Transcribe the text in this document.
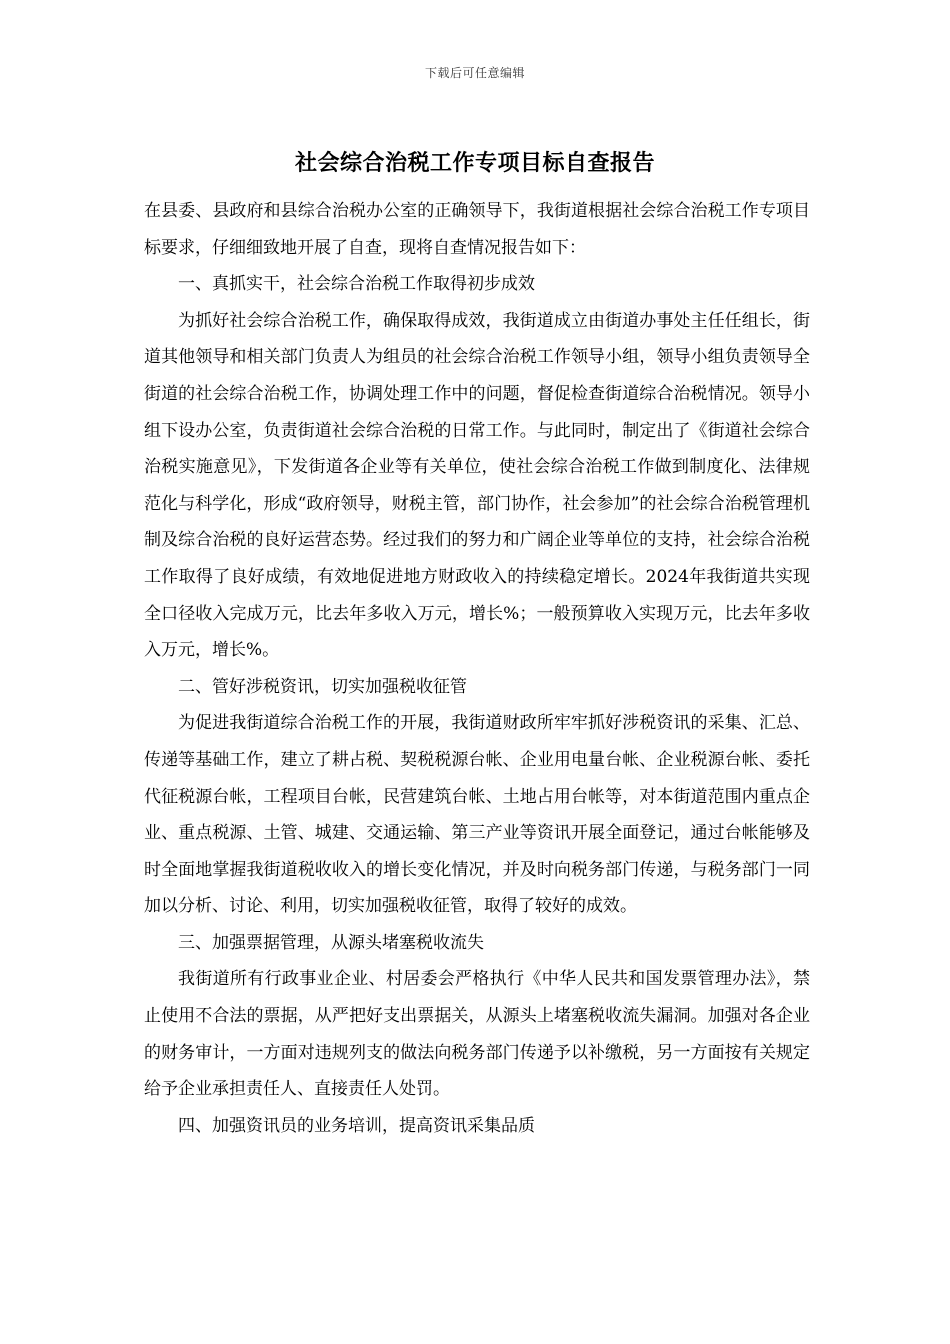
下载后可任意编辑
社会综合治税工作专项目标自查报告

在县委、县政府和县综合治税办公室的正确领导下，我街道根据社会综合治税工作专项目标要求，仔细细致地开展了自查，现将自查情况报告如下：

一、真抓实干，社会综合治税工作取得初步成效

为抓好社会综合治税工作，确保取得成效，我街道成立由街道办事处主任任组长，街道其他领导和相关部门负责人为组员的社会综合治税工作领导小组，领导小组负责领导全街道的社会综合治税工作，协调处理工作中的问题，督促检查街道综合治税情况。领导小组下设办公室，负责街道社会综合治税的日常工作。与此同时，制定出了《街道社会综合治税实施意见》，下发街道各企业等有关单位，使社会综合治税工作做到制度化、法律规范化与科学化，形成“政府领导，财税主管，部门协作，社会参加”的社会综合治税管理机制及综合治税的良好运营态势。经过我们的努力和广阔企业等单位的支持，社会综合治税工作取得了良好成绩，有效地促进地方财政收入的持续稳定增长。2024年我街道共实现全口径收入完成万元，比去年多收入万元，增长%；一般预算收入实现万元，比去年多收入万元，增长%。

二、管好涉税资讯，切实加强税收征管

为促进我街道综合治税工作的开展，我街道财政所牢牢抓好涉税资讯的采集、汇总、传递等基础工作，建立了耕占税、契税税源台帐、企业用电量台帐、企业税源台帐、委托代征税源台帐，工程项目台帐，民营建筑台帐、土地占用台帐等，对本街道范围内重点企业、重点税源、土管、城建、交通运输、第三产业等资讯开展全面登记，通过台帐能够及时全面地掌握我街道税收收入的增长变化情况，并及时向税务部门传递，与税务部门一同加以分析、讨论、利用，切实加强税收征管，取得了较好的成效。

三、加强票据管理，从源头堵塞税收流失

我街道所有行政事业企业、村居委会严格执行《中华人民共和国发票管理办法》，禁止使用不合法的票据，从严把好支出票据关，从源头上堵塞税收流失漏洞。加强对各企业的财务审计，一方面对违规列支的做法向税务部门传递予以补缴税，另一方面按有关规定给予企业承担责任人、直接责任人处罚。

四、加强资讯员的业务培训，提高资讯采集品质
